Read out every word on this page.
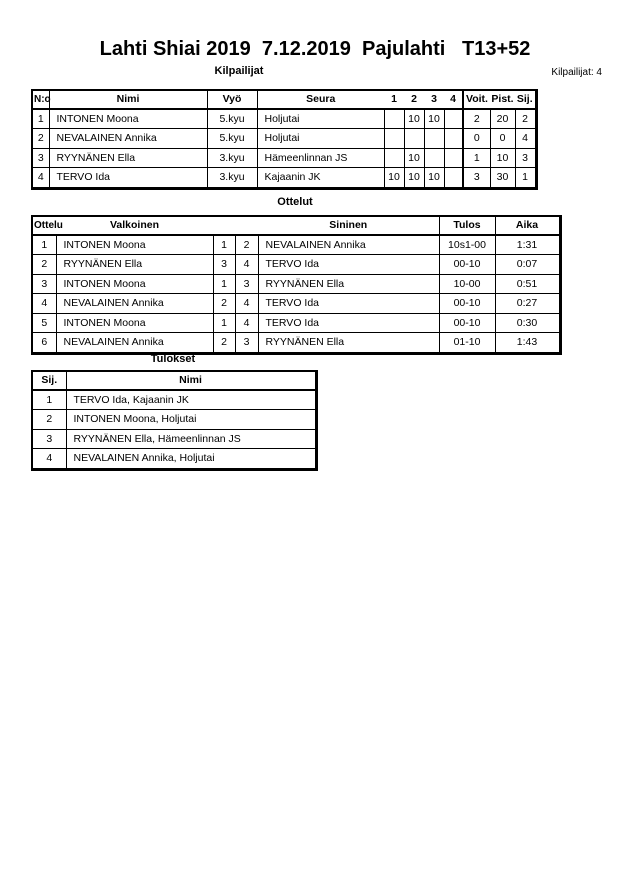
Lahti Shiai 2019  7.12.2019  Pajulahti   T13+52
Kilpailijat	Kilpailijat: 4
N:o	Nimi	Vyö	Seura	1	2	3	4	Voit.	Pist.	Sij.
1	INTONEN Moona	5.kyu	Holjutai		10	10		2	20	2
2	NEVALAINEN Annika	5.kyu	Holjutai					0	0	4
3	RYYNÄNEN Ella	3.kyu	Hämeenlinnan JS		10			1	10	3
4	TERVO Ida	3.kyu	Kajaanin JK	10	10	10		3	30	1
Ottelut
Ottelu	Valkoinen			Sininen	Tulos	Aika
1	INTONEN Moona	1	2	NEVALAINEN Annika	10s1-00	1:31
2	RYYNÄNEN Ella	3	4	TERVO Ida	00-10	0:07
3	INTONEN Moona	1	3	RYYNÄNEN Ella	10-00	0:51
4	NEVALAINEN Annika	2	4	TERVO Ida	00-10	0:27
5	INTONEN Moona	1	4	TERVO Ida	00-10	0:30
6	NEVALAINEN Annika	2	3	RYYNÄNEN Ella	01-10	1:43
Tulokset
Sij.	Nimi
1	TERVO Ida, Kajaanin JK
2	INTONEN Moona, Holjutai
3	RYYNÄNEN Ella, Hämeenlinnan JS
4	NEVALAINEN Annika, Holjutai
